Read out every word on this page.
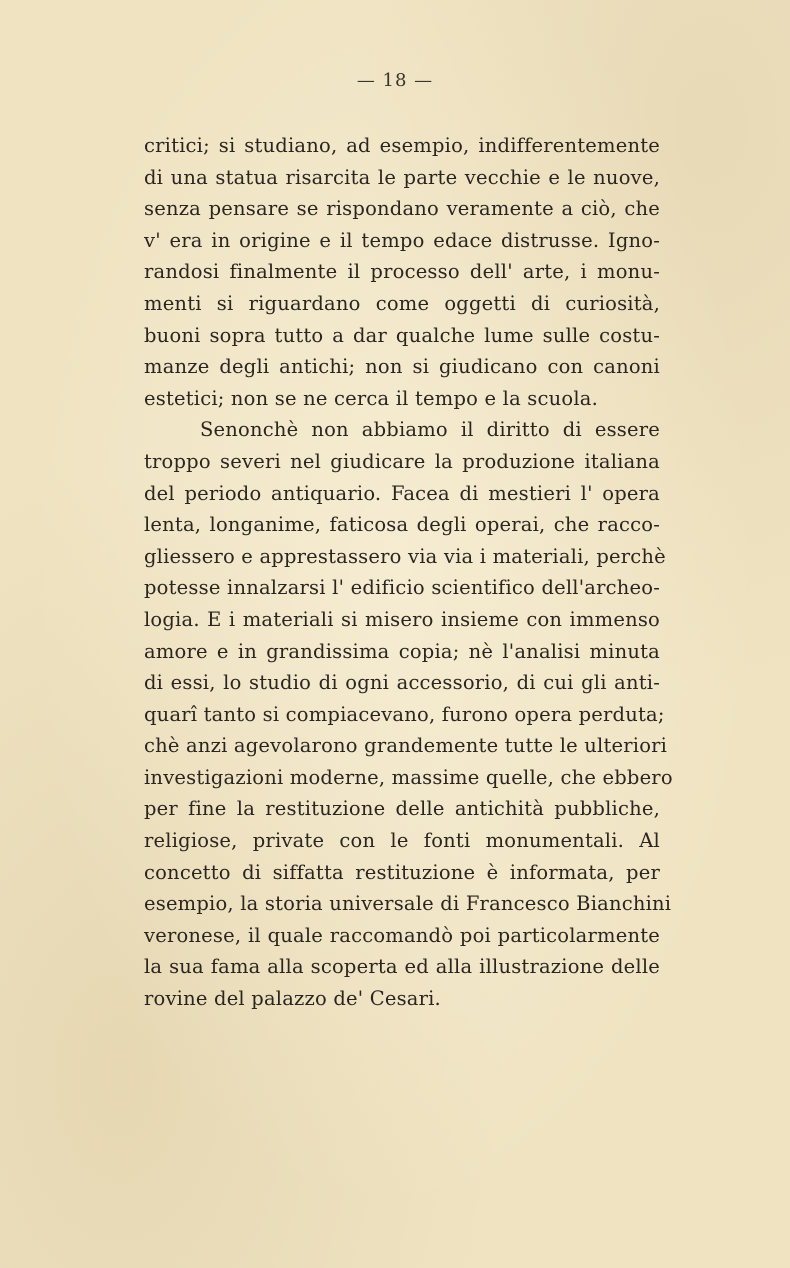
— 18 —
critici; si studiano, ad esempio, indifferentemente
di una statua risarcita le parte vecchie e le nuove,
senza pensare se rispondano veramente a ciò, che
v' era in origine e il tempo edace distrusse. Igno-
randosi finalmente il processo dell' arte, i monu-
menti si riguardano come oggetti di curiosità,
buoni sopra tutto a dar qualche lume sulle costu-
manze degli antichi; non si giudicano con canoni
estetici; non se ne cerca il tempo e la scuola.
Senonchè non abbiamo il diritto di essere
troppo severi nel giudicare la produzione italiana
del periodo antiquario. Facea di mestieri l' opera
lenta, longanime, faticosa degli operai, che racco-
gliessero e apprestassero via via i materiali, perchè
potesse innalzarsi l' edificio scientifico dell'archeo-
logia. E i materiali si misero insieme con immenso
amore e in grandissima copia; nè l'analisi minuta
di essi, lo studio di ogni accessorio, di cui gli anti-
quarî tanto si compiacevano, furono opera perduta;
chè anzi agevolarono grandemente tutte le ulteriori
investigazioni moderne, massime quelle, che ebbero
per fine la restituzione delle antichità pubbliche,
religiose, private con le fonti monumentali. Al
concetto di siffatta restituzione è informata, per
esempio, la storia universale di Francesco Bianchini
veronese, il quale raccomandò poi particolarmente
la sua fama alla scoperta ed alla illustrazione delle
rovine del palazzo de' Cesari.
